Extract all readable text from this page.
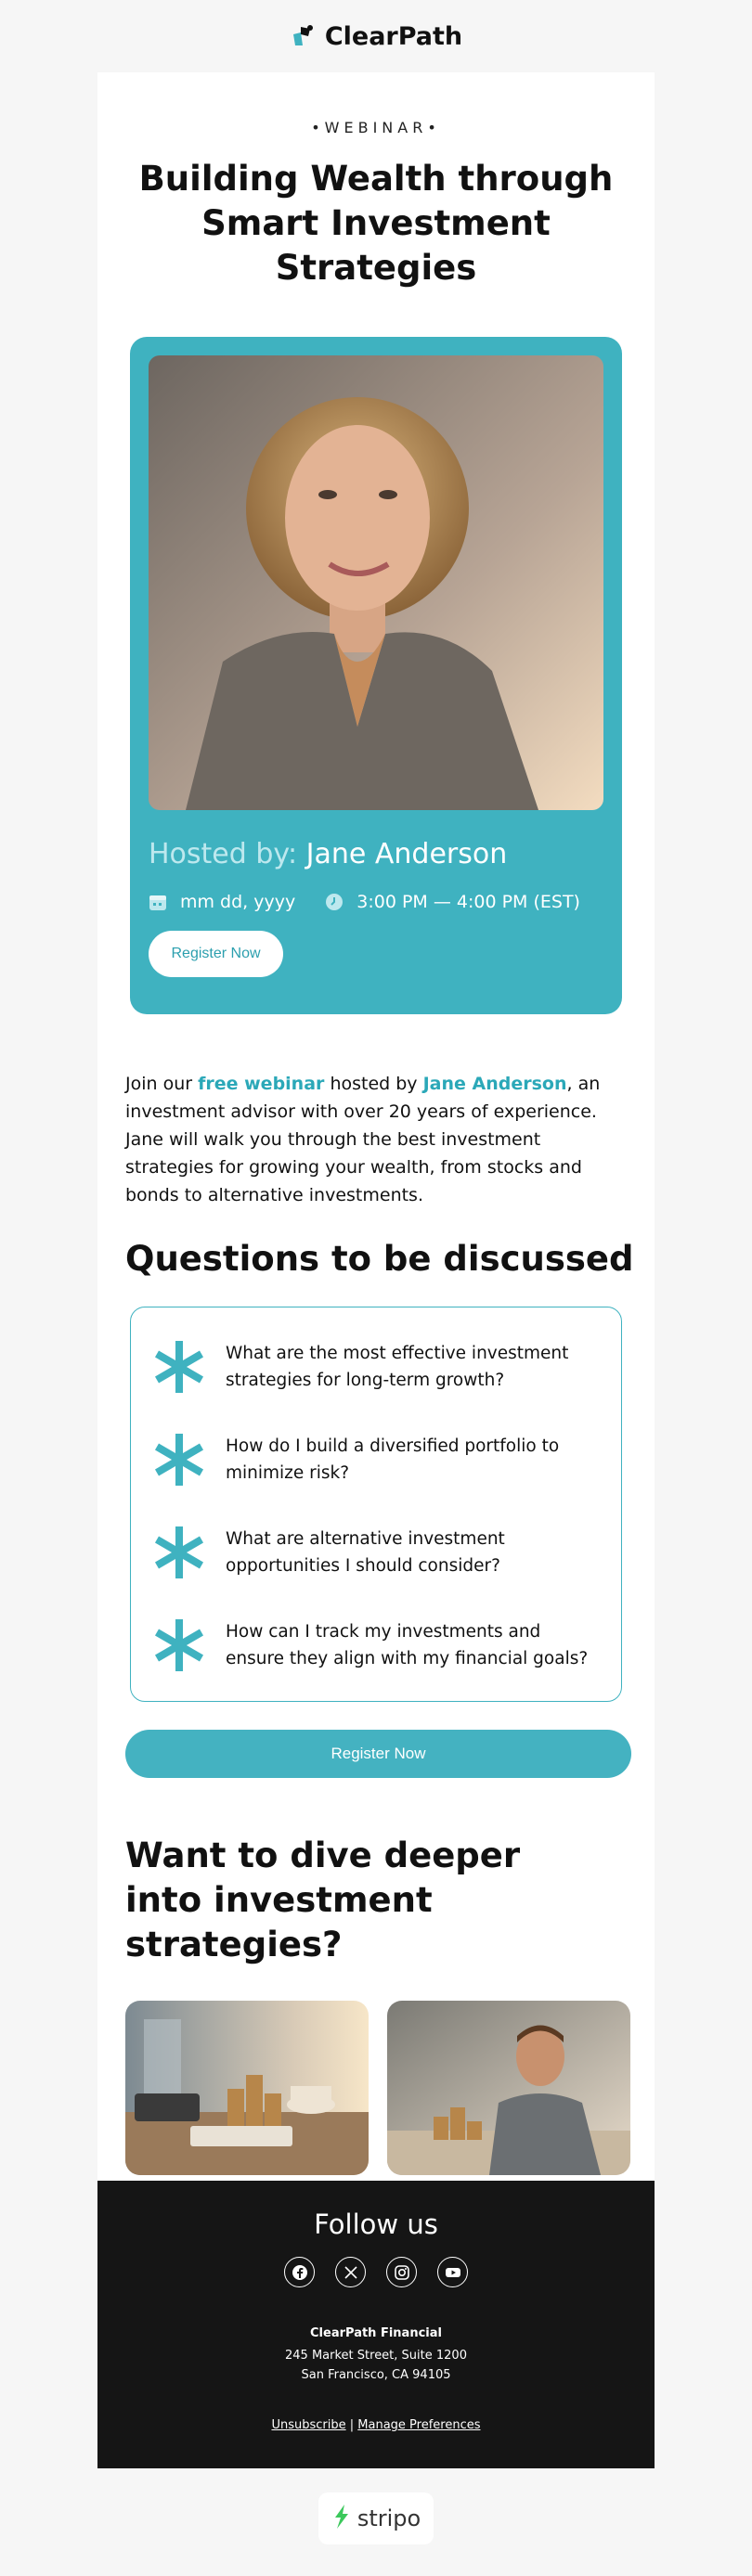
ClearPath
•WEBINAR•
Building Wealth through Smart Investment Strategies
Hosted by: Jane Anderson
mm dd, yyyy	3:00 PM — 4:00 PM (EST)
Register Now

Join our free webinar hosted by Jane Anderson, an investment advisor with over 20 years of experience. Jane will walk you through the best investment strategies for growing your wealth, from stocks and bonds to alternative investments.

Questions to be discussed
What are the most effective investment strategies for long-term growth?
How do I build a diversified portfolio to minimize risk?
What are alternative investment opportunities I should consider?
How can I track my investments and ensure they align with my financial goals?
Register Now
Want to dive deeper into investment strategies?
Follow us
ClearPath Financial
245 Market Street, Suite 1200
San Francisco, CA 94105
Unsubscribe | Manage Preferences
stripo
